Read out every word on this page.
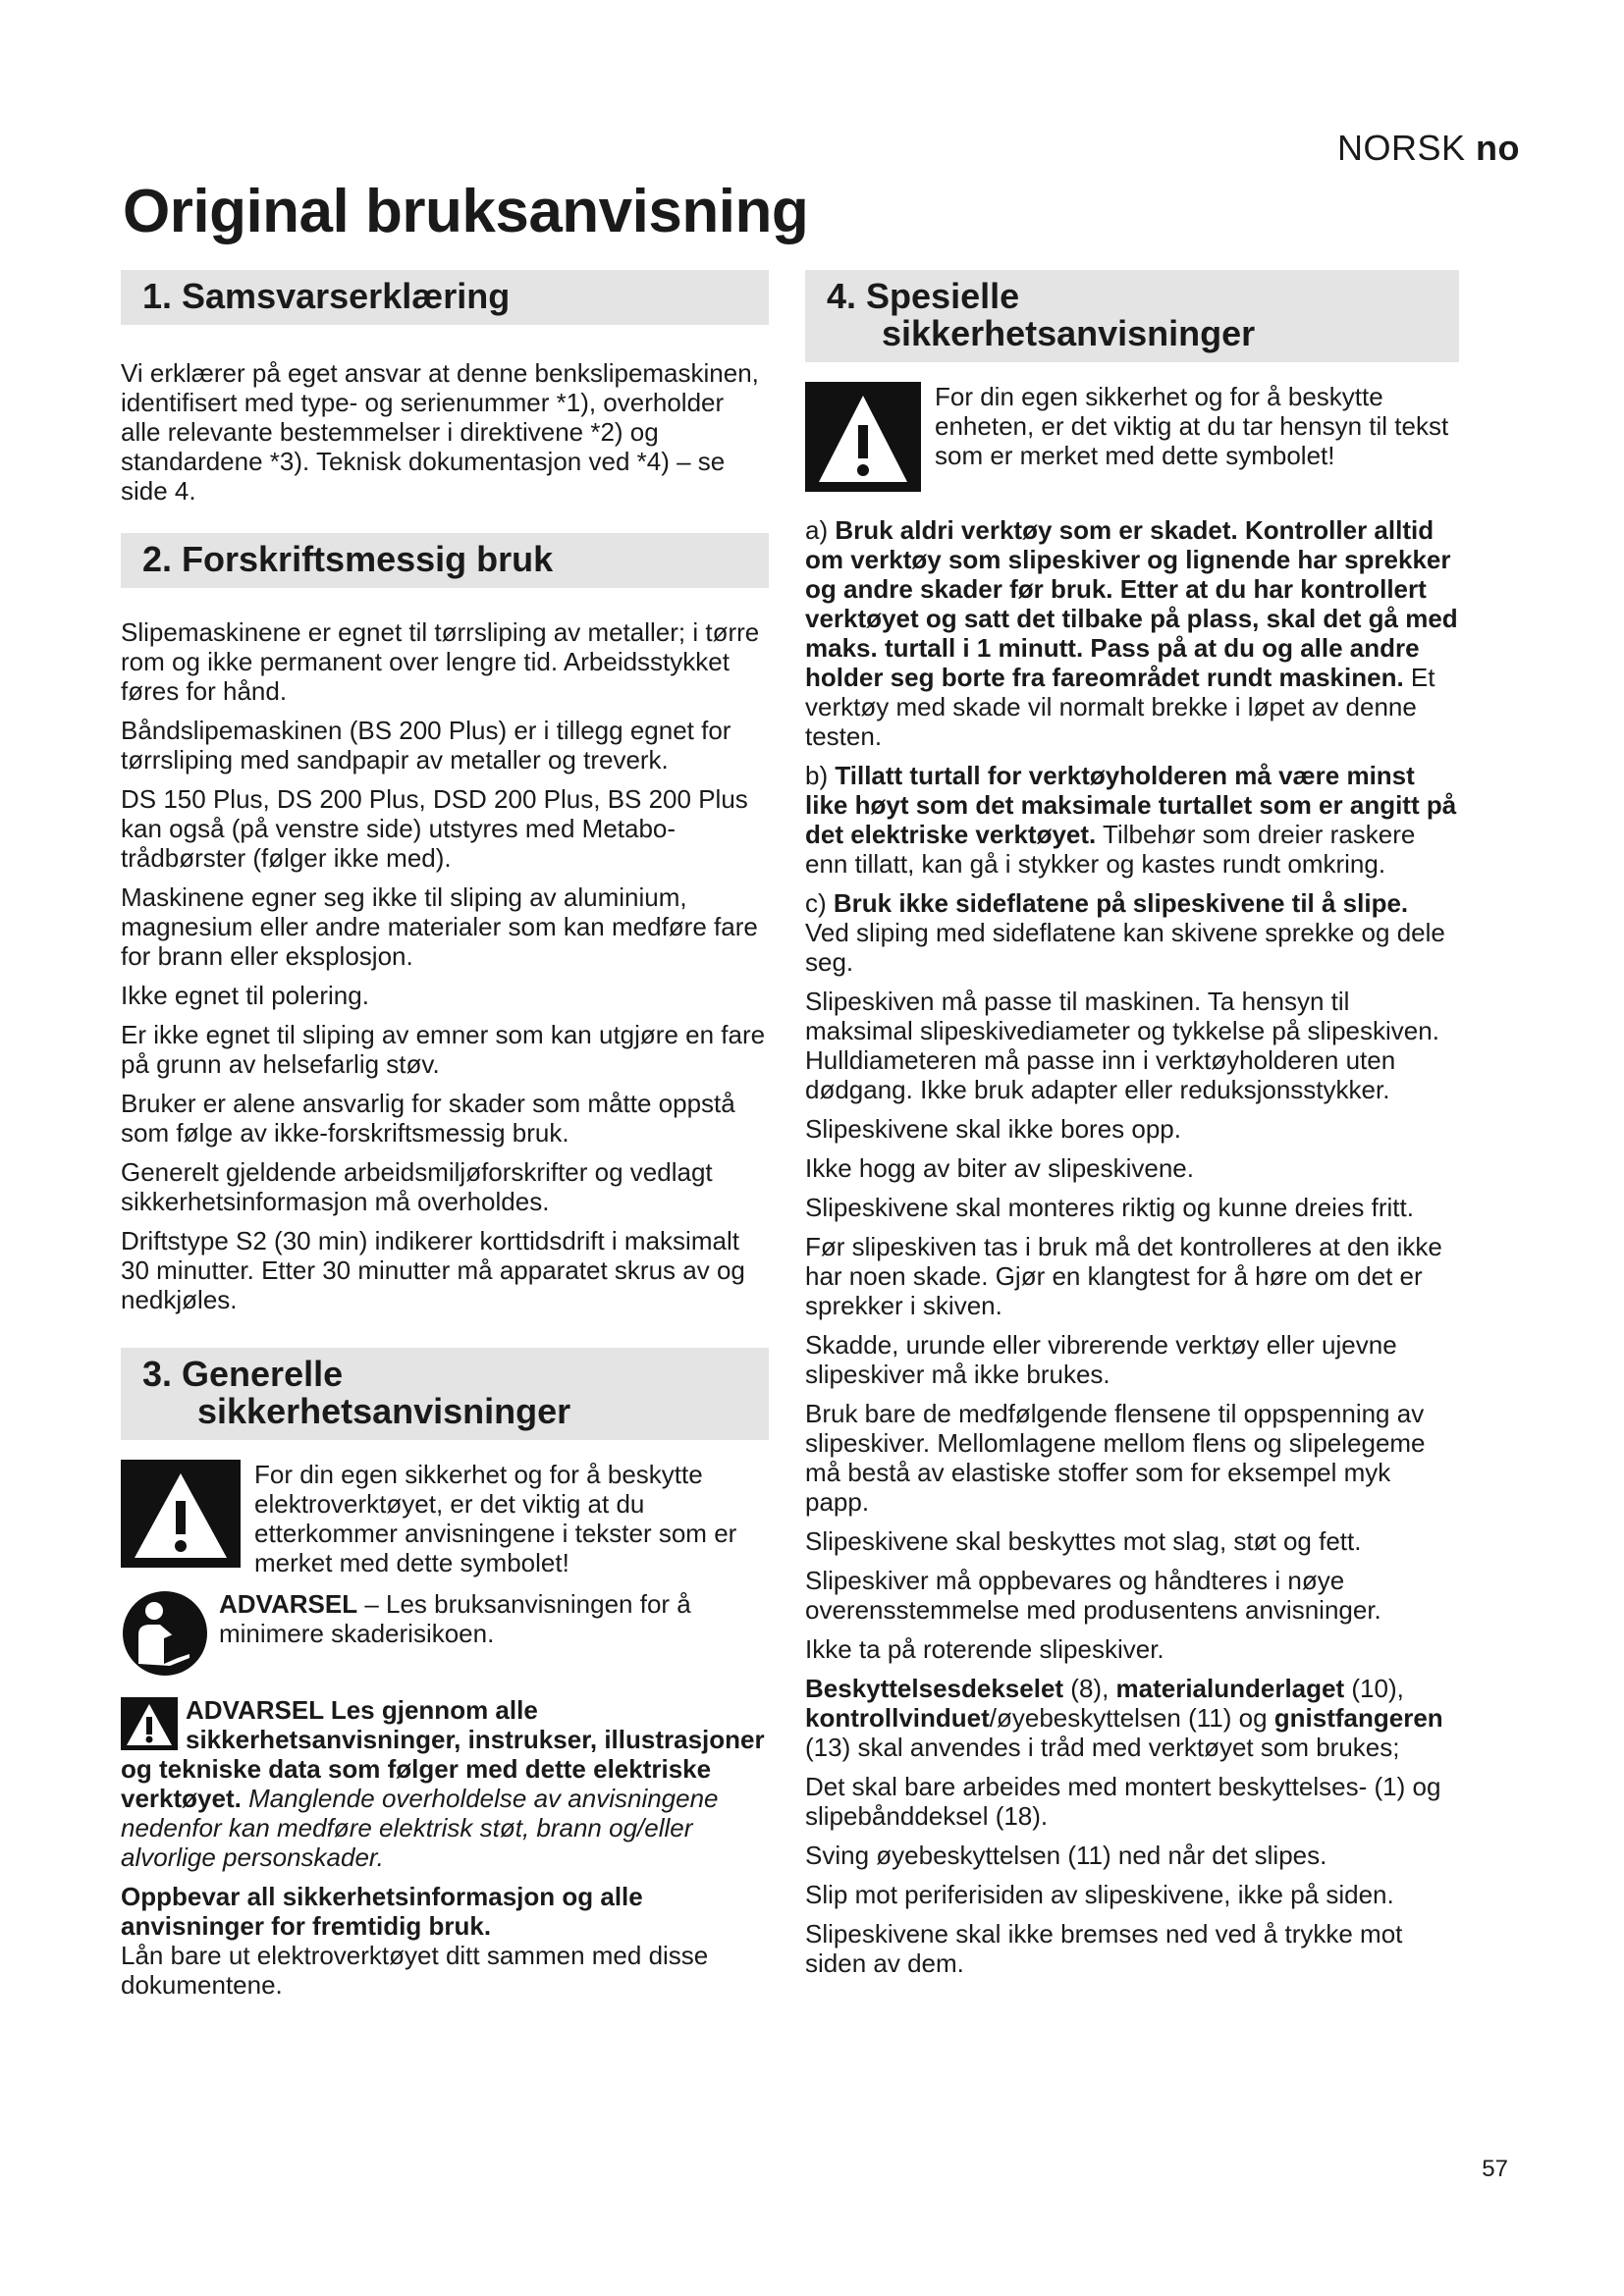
NORSK no
Original bruksanvisning
1. Samsvarserklæring

Vi erklærer på eget ansvar at denne benkslipemaskinen, identifisert med type- og serienummer *1), overholder alle relevante bestemmelser i direktivene *2) og standardene *3). Teknisk dokumentasjon ved *4) – se side 4.

2. Forskriftsmessig bruk

Slipemaskinene er egnet til tørrsliping av metaller; i tørre rom og ikke permanent over lengre tid. Arbeidsstykket føres for hånd.

Båndslipemaskinen (BS 200 Plus) er i tillegg egnet for tørrsliping med sandpapir av metaller og treverk.

DS 150 Plus, DS 200 Plus, DSD 200 Plus, BS 200 Plus kan også (på venstre side) utstyres med Metabo-trådbørster (følger ikke med).

Maskinene egner seg ikke til sliping av aluminium, magnesium eller andre materialer som kan medføre fare for brann eller eksplosjon.

Ikke egnet til polering.

Er ikke egnet til sliping av emner som kan utgjøre en fare på grunn av helsefarlig støv.

Bruker er alene ansvarlig for skader som måtte oppstå som følge av ikke-forskriftsmessig bruk.

Generelt gjeldende arbeidsmiljøforskrifter og vedlagt sikkerhetsinformasjon må overholdes.

Driftstype S2 (30 min) indikerer korttidsdrift i maksimalt 30 minutter. Etter 30 minutter må apparatet skrus av og nedkjøles.

3. Generelle
sikkerhetsanvisninger

For din egen sikkerhet og for å beskytte elektroverktøyet, er det viktig at du etterkommer anvisningene i tekster som er merket med dette symbolet!

ADVARSEL – Les bruksanvisningen for å minimere skaderisikoen.

ADVARSEL Les gjennom alle sikkerhetsanvisninger, instrukser, illustrasjoner og tekniske data som følger med dette elektriske verktøyet. Manglende overholdelse av anvisningene nedenfor kan medføre elektrisk støt, brann og/eller alvorlige personskader.

Oppbevar all sikkerhetsinformasjon og alle anvisninger for fremtidig bruk.

Lån bare ut elektroverktøyet ditt sammen med disse dokumentene.

4. Spesielle
sikkerhetsanvisninger

For din egen sikkerhet og for å beskytte enheten, er det viktig at du tar hensyn til tekst som er merket med dette symbolet!

a) Bruk aldri verktøy som er skadet. Kontroller alltid om verktøy som slipeskiver og lignende har sprekker og andre skader før bruk. Etter at du har kontrollert verktøyet og satt det tilbake på plass, skal det gå med maks. turtall i 1 minutt. Pass på at du og alle andre holder seg borte fra fareområdet rundt maskinen. Et verktøy med skade vil normalt brekke i løpet av denne testen.

b) Tillatt turtall for verktøyholderen må være minst like høyt som det maksimale turtallet som er angitt på det elektriske verktøyet. Tilbehør som dreier raskere enn tillatt, kan gå i stykker og kastes rundt omkring.

c) Bruk ikke sideflatene på slipeskivene til å slipe. Ved sliping med sideflatene kan skivene sprekke og dele seg.

Slipeskiven må passe til maskinen. Ta hensyn til maksimal slipeskivediameter og tykkelse på slipeskiven. Hulldiameteren må passe inn i verktøyholderen uten dødgang. Ikke bruk adapter eller reduksjonsstykker.

Slipeskivene skal ikke bores opp.

Ikke hogg av biter av slipeskivene.

Slipeskivene skal monteres riktig og kunne dreies fritt.

Før slipeskiven tas i bruk må det kontrolleres at den ikke har noen skade. Gjør en klangtest for å høre om det er sprekker i skiven.

Skadde, urunde eller vibrerende verktøy eller ujevne slipeskiver må ikke brukes.

Bruk bare de medfølgende flensene til oppspenning av slipeskiver. Mellomlagene mellom flens og slipelegeme må bestå av elastiske stoffer som for eksempel myk papp.

Slipeskivene skal beskyttes mot slag, støt og fett.

Slipeskiver må oppbevares og håndteres i nøye overensstemmelse med produsentens anvisninger.

Ikke ta på roterende slipeskiver.

Beskyttelsesdekselet (8), materialunderlaget (10), kontrollvinduet/øyebeskyttelsen (11) og gnistfangeren (13) skal anvendes i tråd med verktøyet som brukes;

Det skal bare arbeides med montert beskyttelses- (1) og slipebånddeksel (18).

Sving øyebeskyttelsen (11) ned når det slipes.

Slip mot periferisiden av slipeskivene, ikke på siden.

Slipeskivene skal ikke bremses ned ved å trykke mot siden av dem.

57
